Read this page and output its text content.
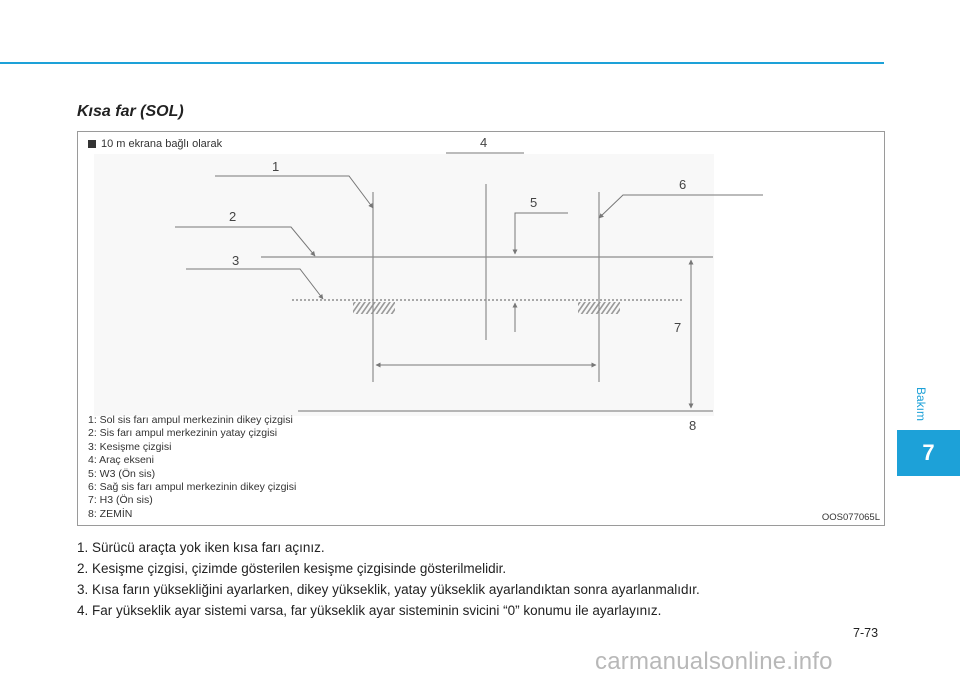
Kısa far (SOL)
1
2
3
4
5
6
7
8
10 m ekrana bağlı olarak
1: Sol sis farı ampul merkezinin dikey çizgisi
2: Sis farı ampul merkezinin yatay çizgisi
3: Kesişme çizgisi
4: Araç ekseni
5: W3 (Ön sis)
6: Sağ sis farı ampul merkezinin dikey çizgisi
7: H3 (Ön sis)
8: ZEMİN	OOS077065L
1. Sürücü araçta yok iken kısa farı açınız.
2. Kesişme çizgisi, çizimde gösterilen kesişme çizgisinde gösterilmelidir.
3. Kısa farın yüksekliğini ayarlarken, dikey yükseklik, yatay yükseklik ayarlandıktan sonra ayarlanmalıdır.
4. Far yükseklik ayar sistemi varsa, far yükseklik ayar sisteminin svicini “0” konumu ile ayarlayınız.
Bakım
7
7-73
carmanualsonline.info
